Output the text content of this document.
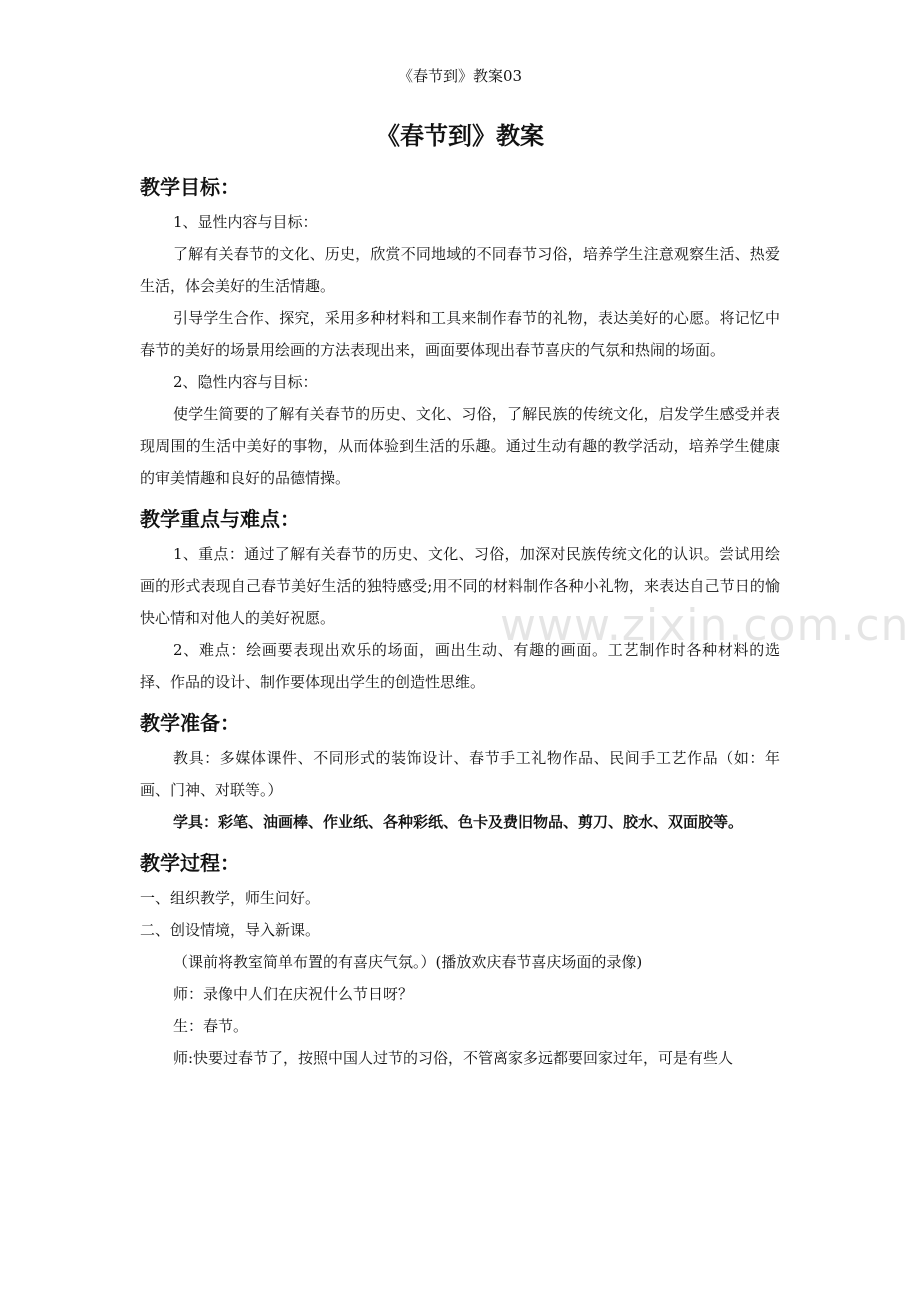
《春节到》教案03
《春节到》教案

教学目标：

1、显性内容与目标：

了解有关春节的文化、历史，欣赏不同地域的不同春节习俗，培养学生注意观察生活、热爱生活，体会美好的生活情趣。

引导学生合作、探究，采用多种材料和工具来制作春节的礼物，表达美好的心愿。将记忆中春节的美好的场景用绘画的方法表现出来，画面要体现出春节喜庆的气氛和热闹的场面。

2、隐性内容与目标：

使学生简要的了解有关春节的历史、文化、习俗，了解民族的传统文化，启发学生感受并表现周围的生活中美好的事物，从而体验到生活的乐趣。通过生动有趣的教学活动，培养学生健康的审美情趣和良好的品德情操。

教学重点与难点：

1、重点：通过了解有关春节的历史、文化、习俗，加深对民族传统文化的认识。尝试用绘画的形式表现自己春节美好生活的独特感受;用不同的材料制作各种小礼物，来表达自己节日的愉快心情和对他人的美好祝愿。

2、难点：绘画要表现出欢乐的场面，画出生动、有趣的画面。工艺制作时各种材料的选择、作品的设计、制作要体现出学生的创造性思维。

教学准备：

教具：多媒体课件、不同形式的装饰设计、春节手工礼物作品、民间手工艺作品（如：年画、门神、对联等。）

学具：彩笔、油画棒、作业纸、各种彩纸、色卡及费旧物品、剪刀、胶水、双面胶等。

教学过程：

一、组织教学，师生问好。

二、创设情境，导入新课。

（课前将教室简单布置的有喜庆气氛。）(播放欢庆春节喜庆场面的录像)

师：录像中人们在庆祝什么节日呀？

生：春节。

师:快要过春节了，按照中国人过节的习俗，不管离家多远都要回家过年，可是有些人

www.zixin.com.cn
